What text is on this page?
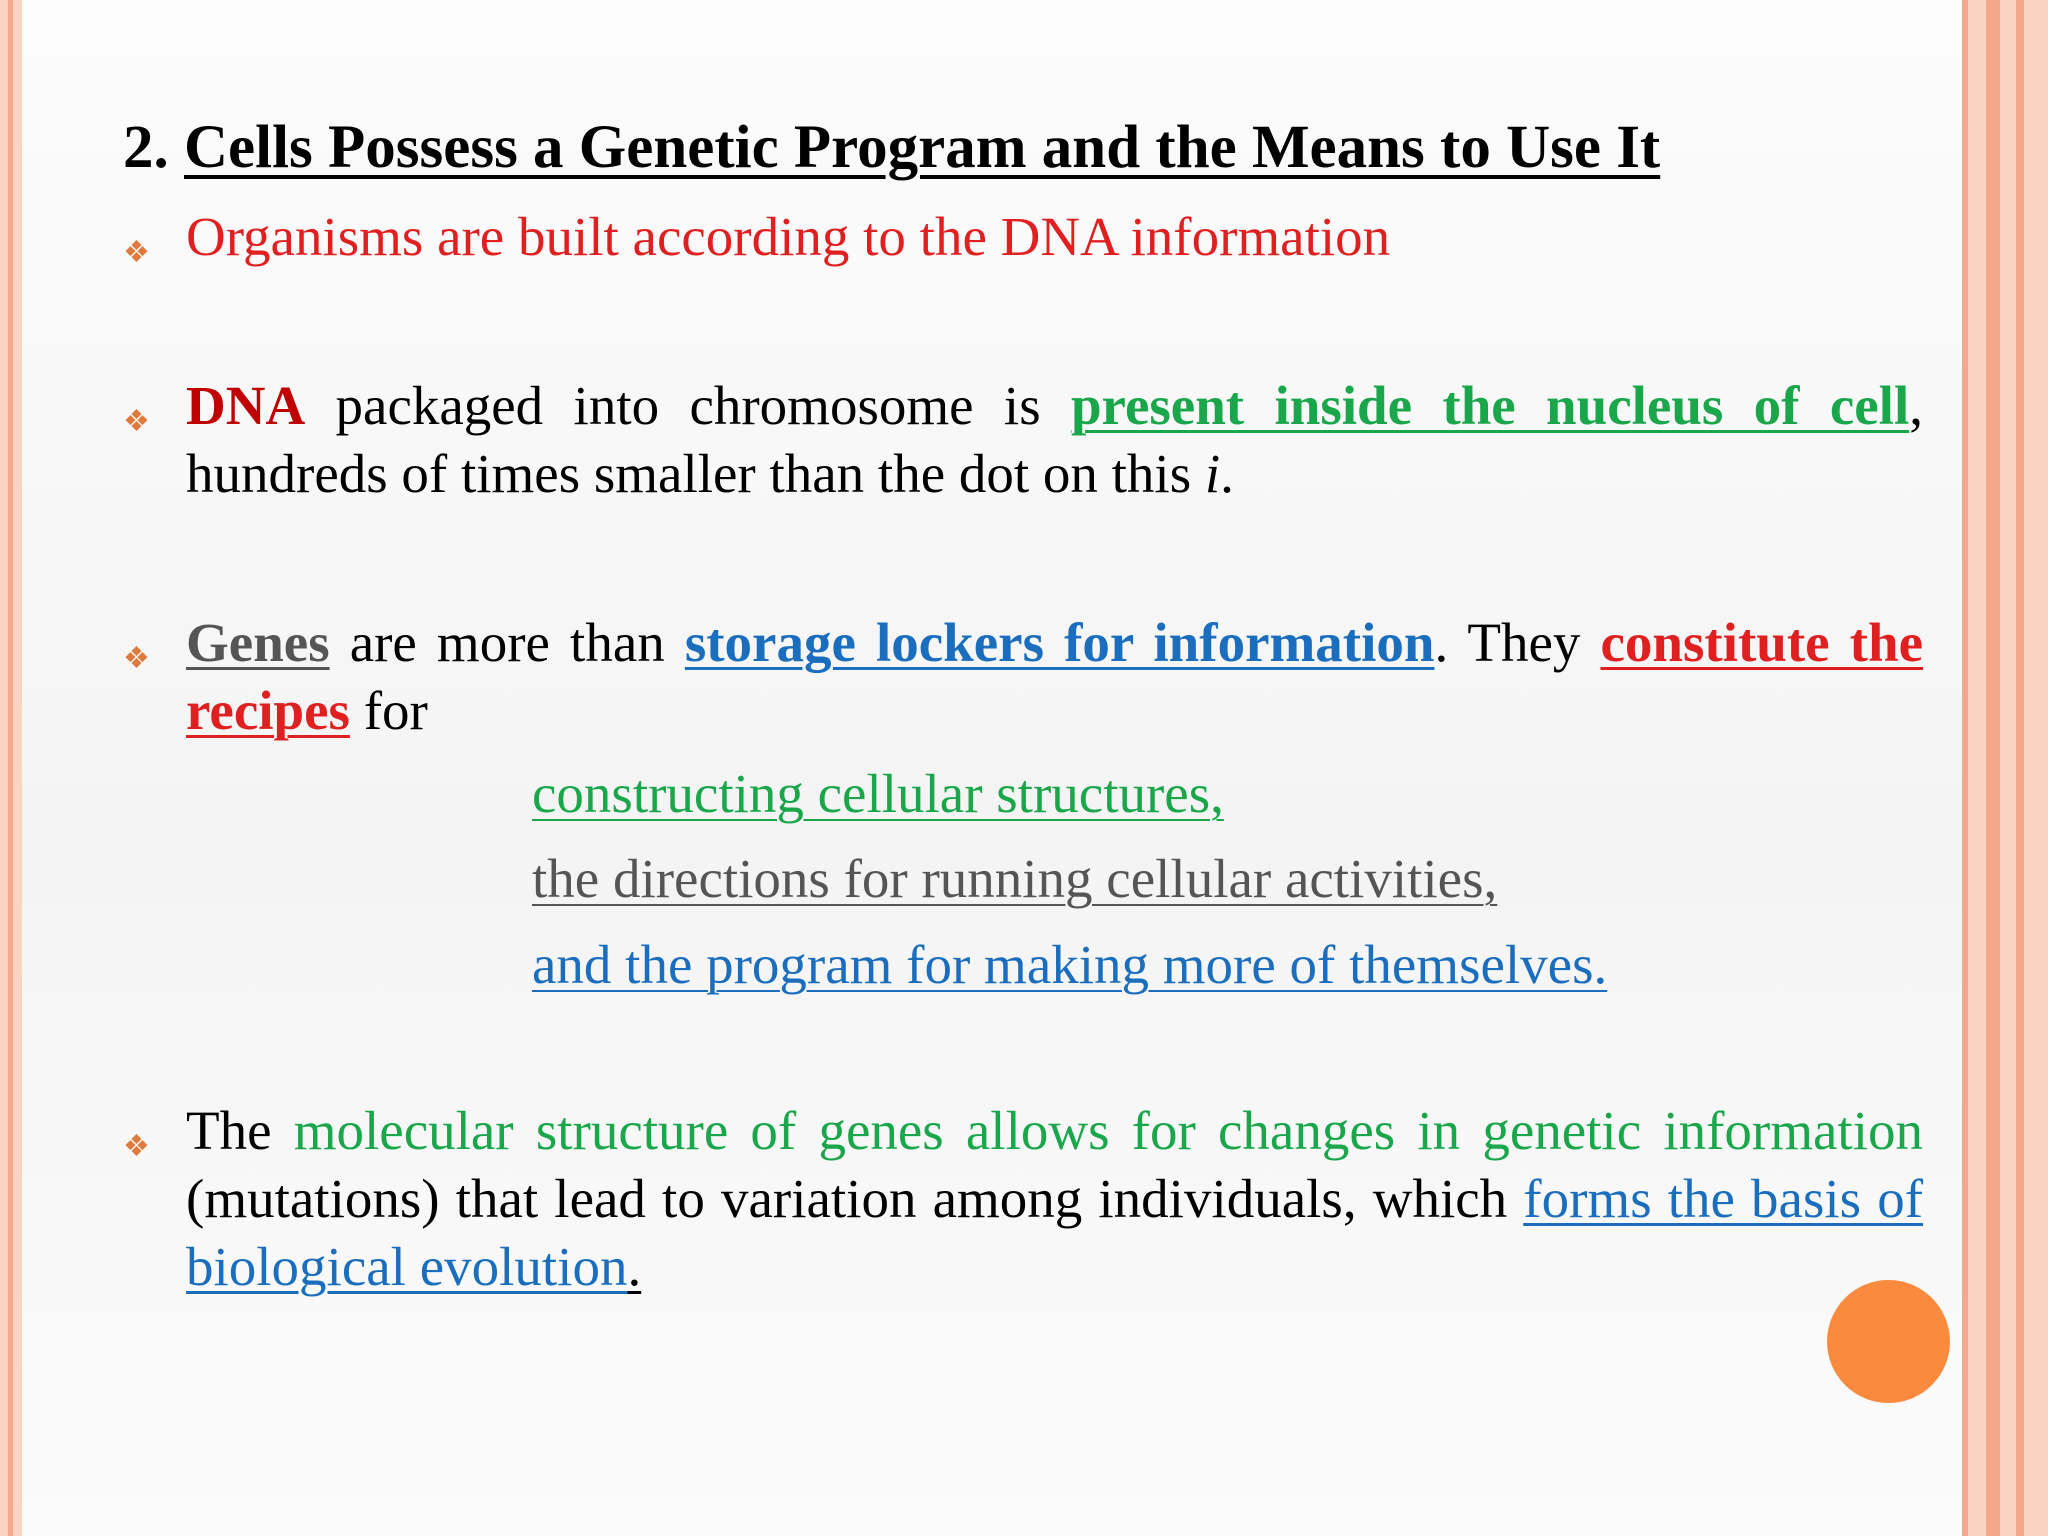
2. Cells Possess a Genetic Program and the Means to Use It
❖ Organisms are built according to the DNA information
❖ DNA packaged into chromosome is present inside the nucleus of cell, hundreds of times smaller than the dot on this i.
❖ Genes are more than storage lockers for information. They constitute the recipes for
constructing cellular structures,
the directions for running cellular activities,
and the program for making more of themselves.
❖ The molecular structure of genes allows for changes in genetic information (mutations) that lead to variation among individuals, which forms the basis of biological evolution.
